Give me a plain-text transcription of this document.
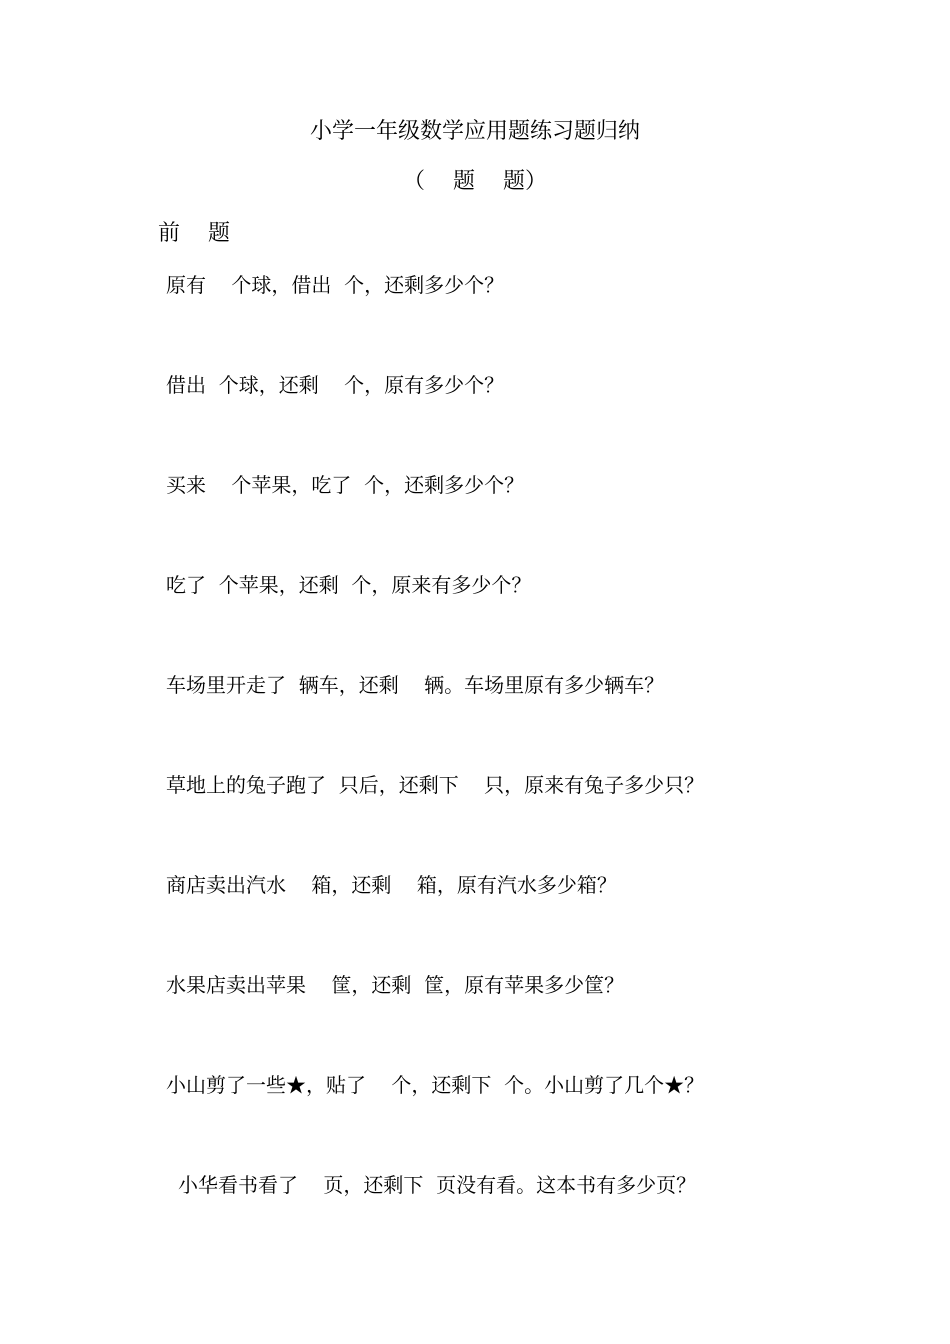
小学一年级数学应用题练习题归纳
（    题    题）
前    题
原有    个球，借出  个，还剩多少个？
借出  个球，还剩    个，原有多少个？
买来    个苹果，吃了  个，还剩多少个？
吃了  个苹果，还剩  个，原来有多少个？
车场里开走了  辆车，还剩    辆。车场里原有多少辆车？
草地上的兔子跑了  只后，还剩下    只，原来有兔子多少只？
商店卖出汽水    箱，还剩    箱，原有汽水多少箱？
水果店卖出苹果    筐，还剩  筐，原有苹果多少筐？
小山剪了一些★，贴了    个，还剩下  个。小山剪了几个★？
小华看书看了    页，还剩下  页没有看。这本书有多少页？
